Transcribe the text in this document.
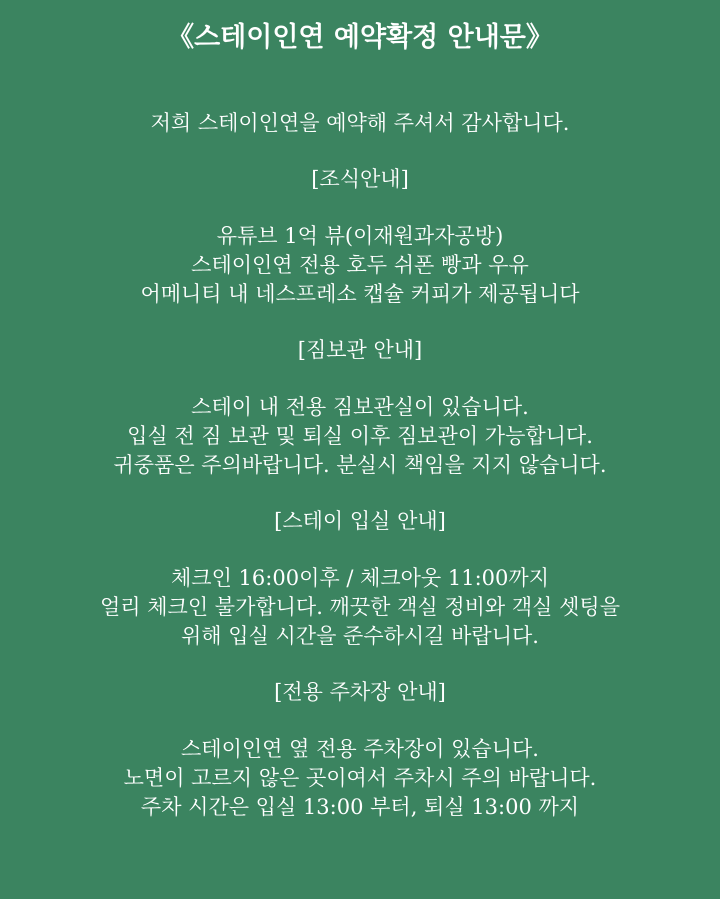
《스테이인연 예약확정 안내문》
저희 스테이인연을 예약해 주셔서 감사합니다.
[조식안내]
유튜브 1억 뷰(이재원과자공방)
스테이인연 전용 호두 쉬폰 빵과 우유
어메니티 내 네스프레소 캡슐 커피가 제공됩니다
[짐보관 안내]
스테이 내 전용 짐보관실이 있습니다.
입실 전 짐 보관 및 퇴실 이후 짐보관이 가능합니다.
귀중품은 주의바랍니다. 분실시 책임을 지지 않습니다.
[스테이 입실 안내]
체크인 16:00이후 / 체크아웃 11:00까지
얼리 체크인 불가합니다. 깨끗한 객실 정비와 객실 셋팅을
위해 입실 시간을 준수하시길 바랍니다.
[전용 주차장 안내]
스테이인연 옆 전용 주차장이 있습니다.
노면이 고르지 않은 곳이여서 주차시 주의 바랍니다.
주차 시간은 입실 13:00 부터, 퇴실 13:00 까지
